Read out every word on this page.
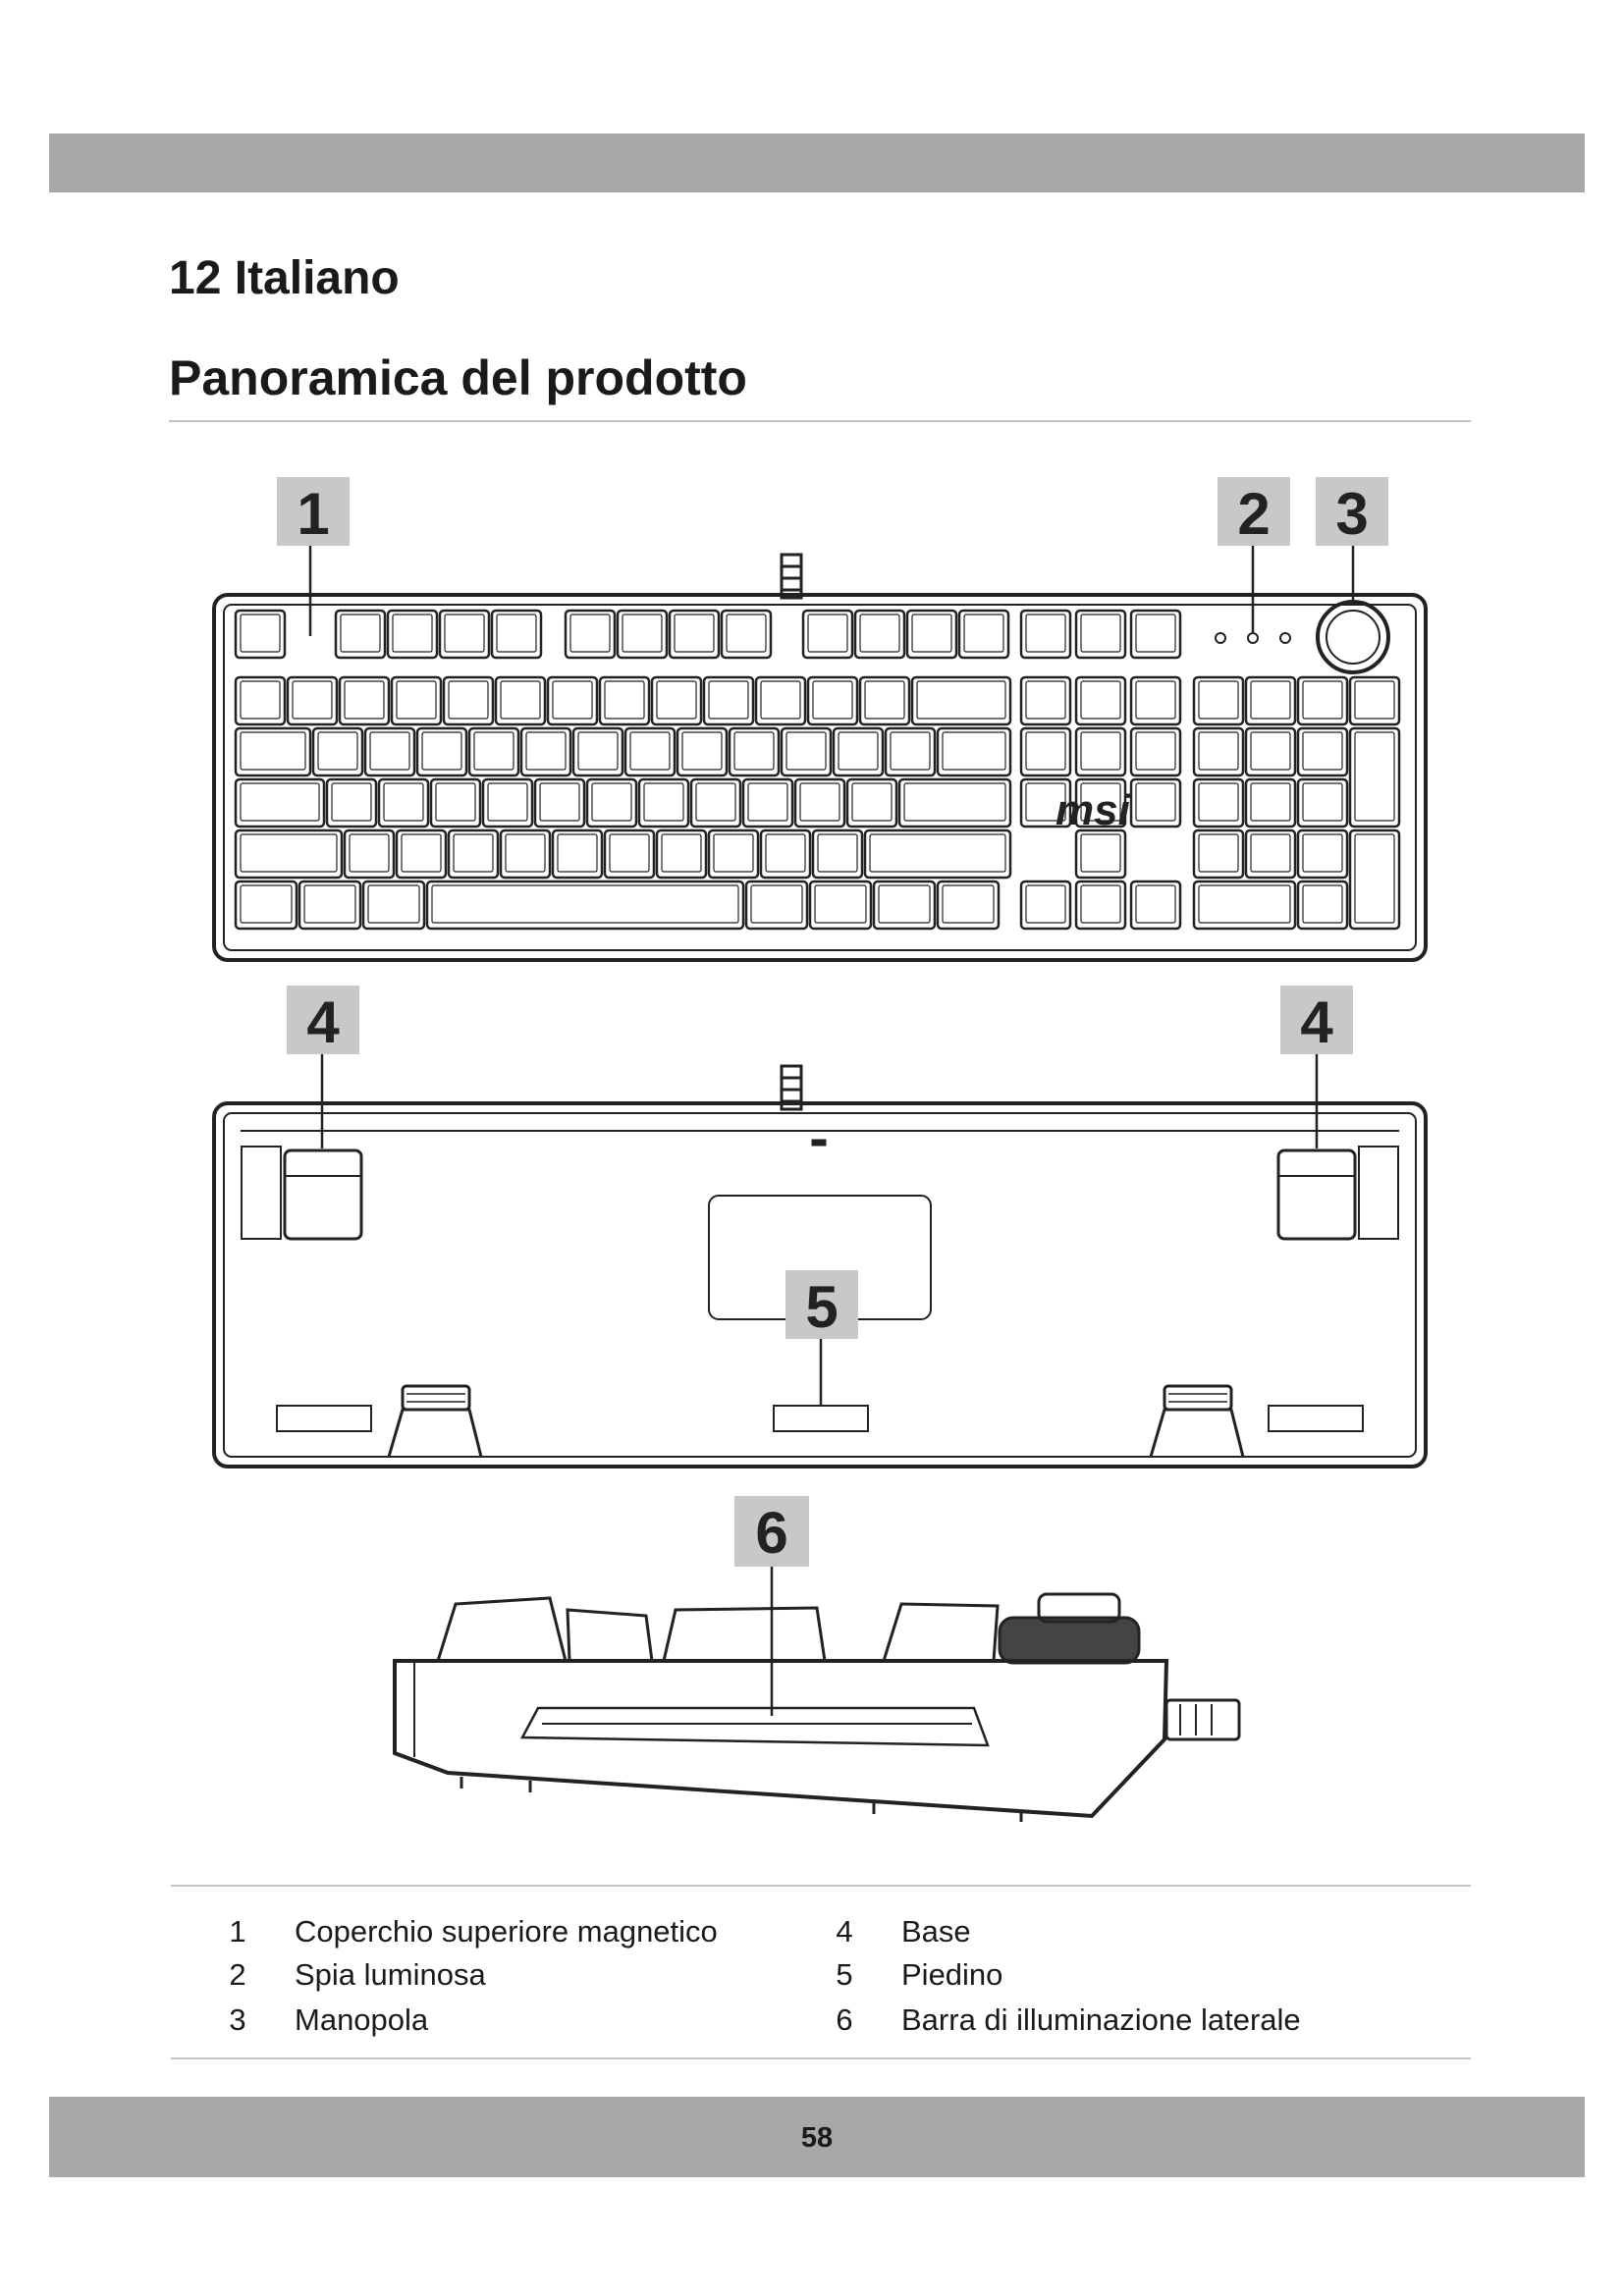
12 Italiano
Panoramica del prodotto
msi
1	2 3
4	4
5
6
1	Coperchio superiore magnetico
2	Spia luminosa
3	Manopola
4	Base
5	Piedino
6	Barra di illuminazione laterale
58
